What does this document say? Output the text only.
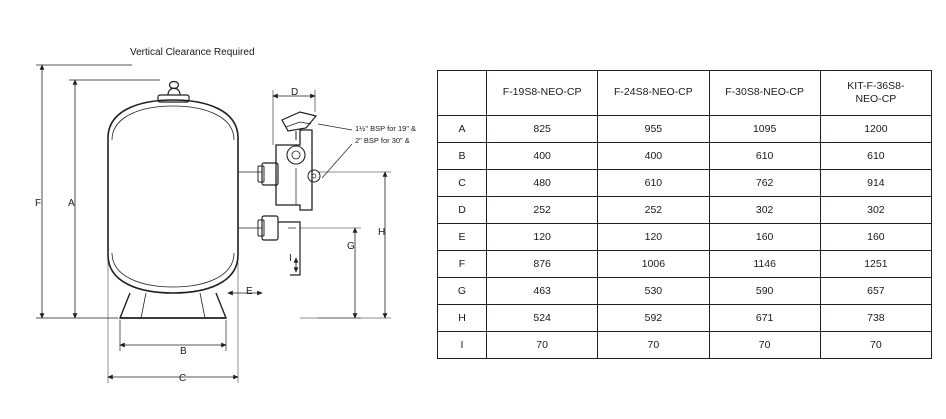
Vertical Clearance Required
1½" BSP for 19" &
2" BSP for 30" &
F	A
B
C
D
E
G
H
I
	F-19S8-NEO-CP	F-24S8-NEO-CP	F-30S8-NEO-CP	KIT-F-36S8-
NEO-CP

A	825	955	1095	1200
B	400	400	610	610
C	480	610	762	914
D	252	252	302	302
E	120	120	160	160
F	876	1006	1146	1251
G	463	530	590	657
H	524	592	671	738
I	70	70	70	70
